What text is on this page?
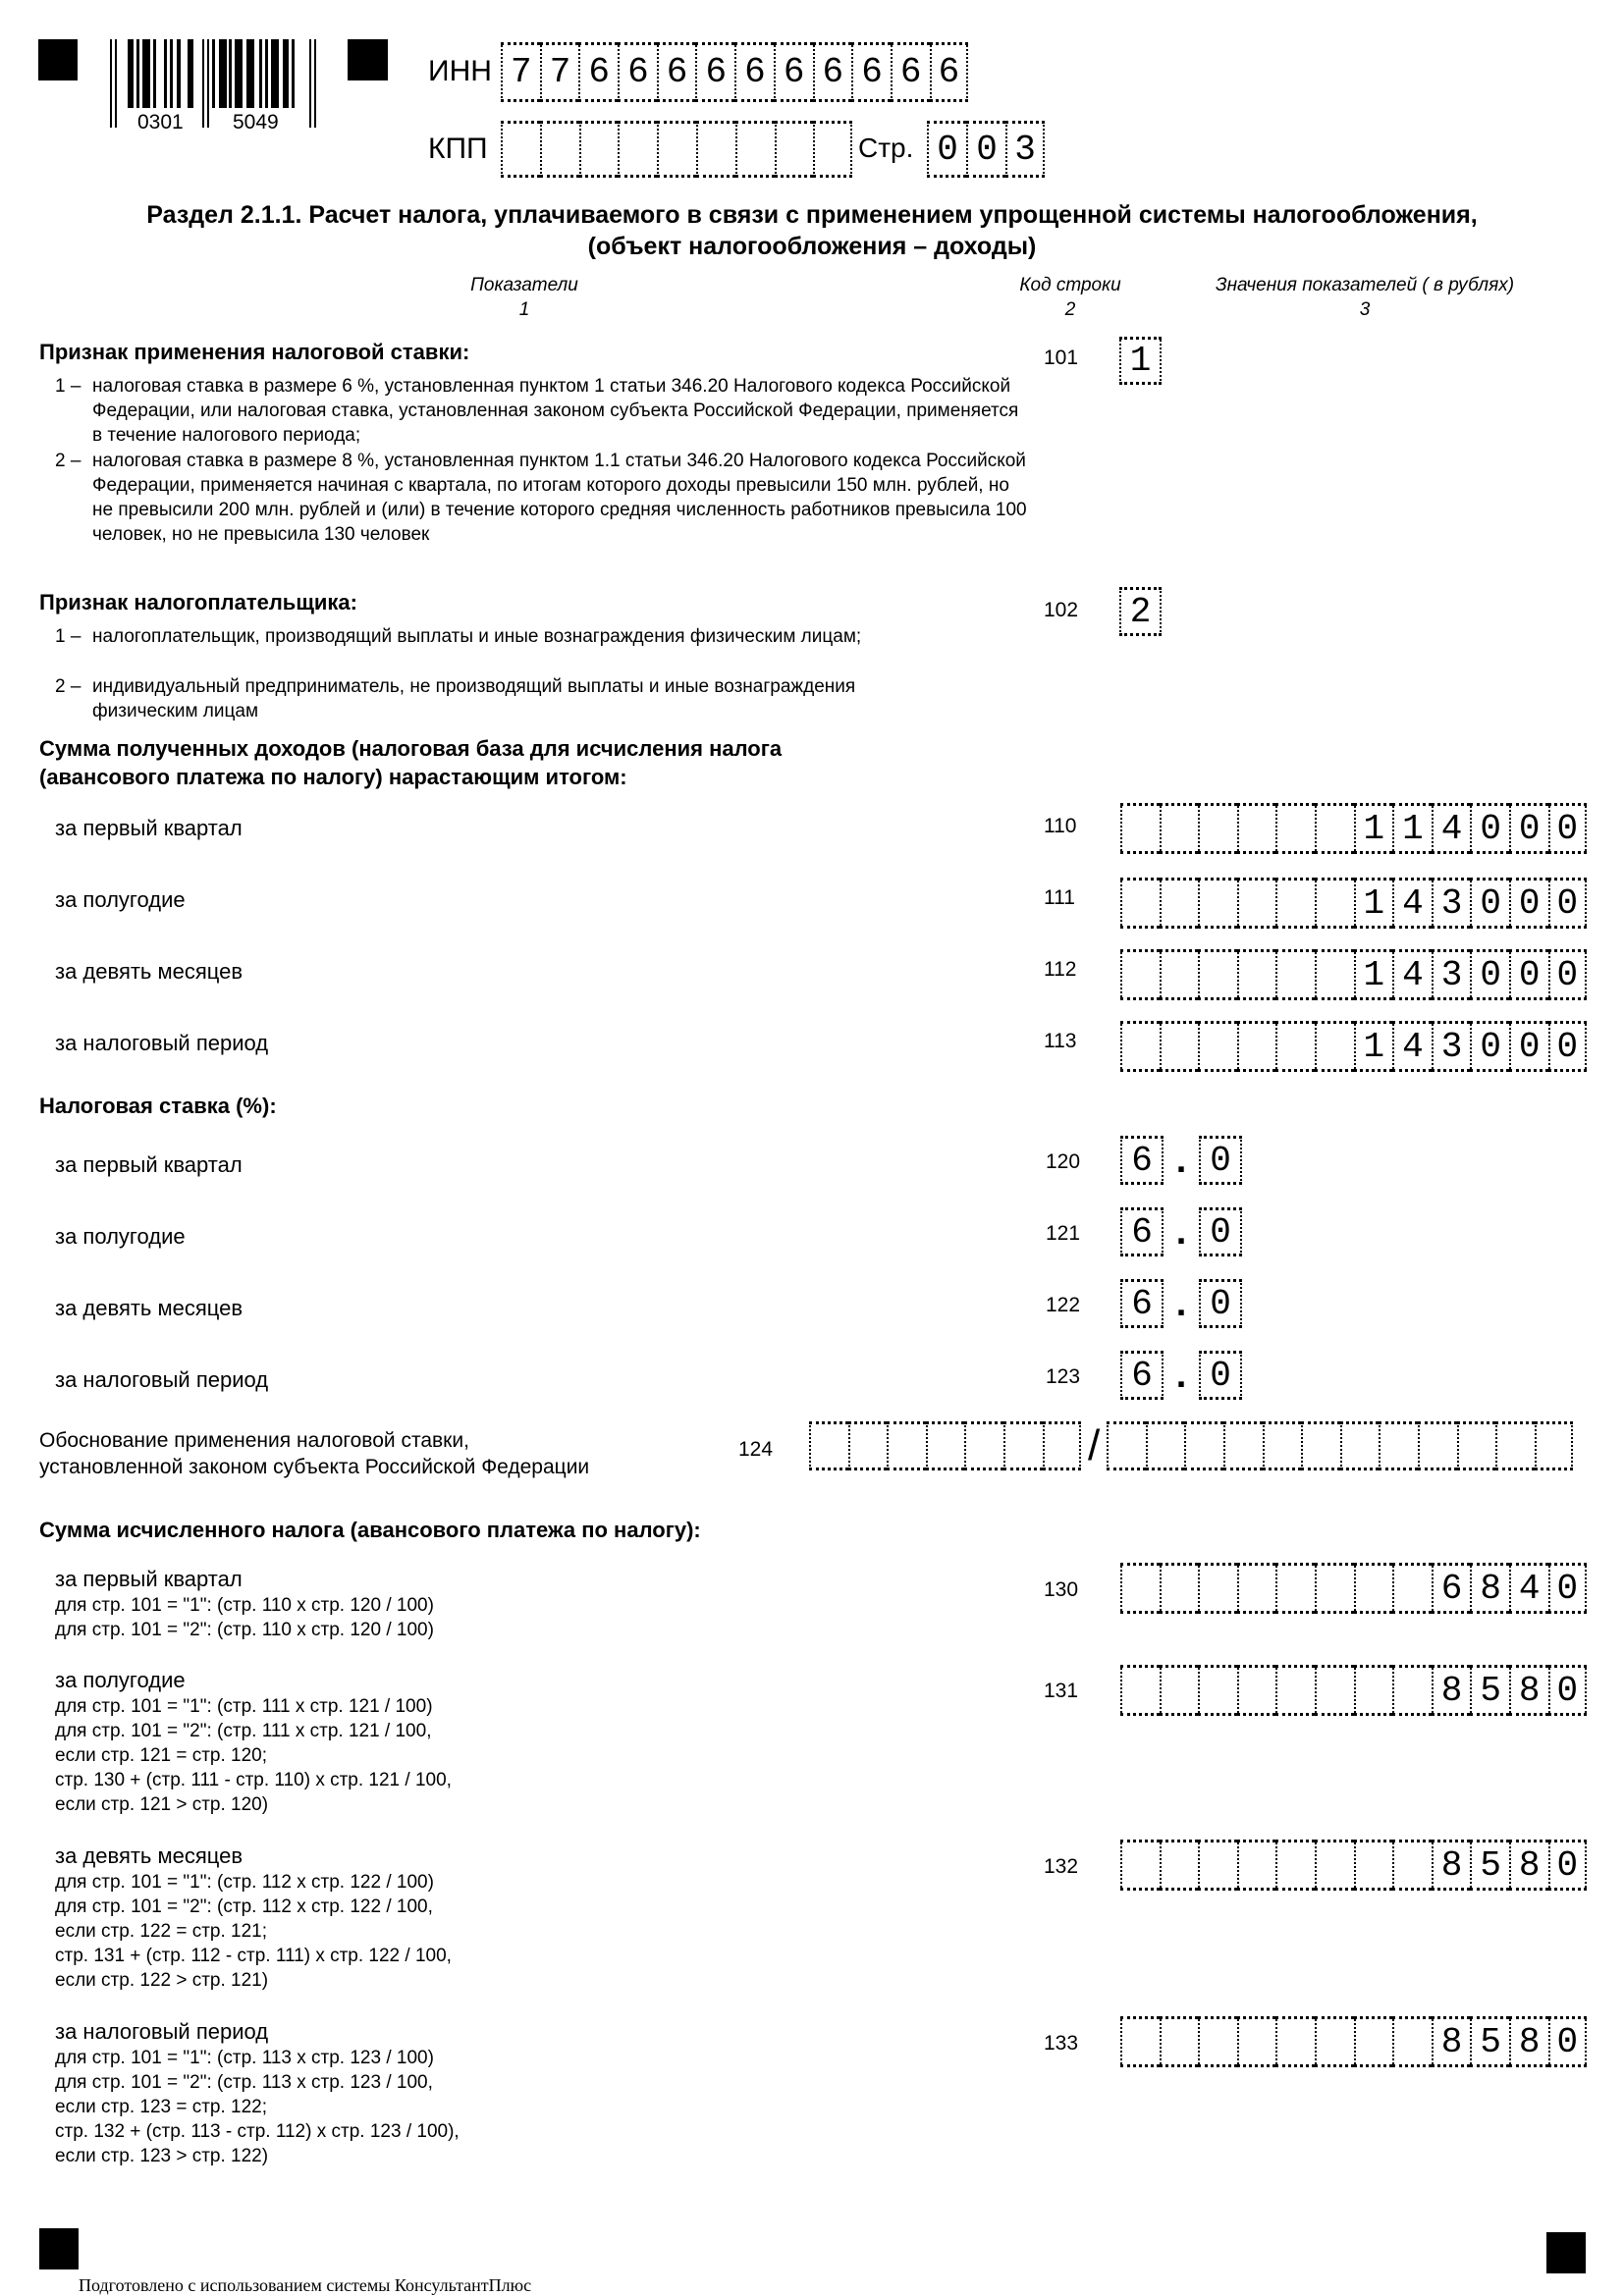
0301 5049
ИНН 7 7 6 6 6 6 6 6 6 6 6 6
КПП	Стр. 0 0 3
Раздел 2.1.1. Расчет налога, уплачиваемого в связи с применением упрощенной системы налогообложения,
(объект налогообложения – доходы)
Показатели
1
Код строки
2
Значения показателей ( в рублях)
3
Признак применения налоговой ставки:
1 – налоговая ставка в размере 6 %, установленная пунктом 1 статьи 346.20 Налогового кодекса Российской Федерации, или налоговая ставка, установленная законом субъекта Российской Федерации, применяется в течение налогового периода;
2 – налоговая ставка в размере 8 %, установленная пунктом 1.1 статьи 346.20 Налогового кодекса Российской Федерации, применяется начиная с квартала, по итогам которого доходы превысили 150 млн. рублей, но не превысили 200 млн. рублей и (или) в течение которого средняя численность работников превысила 100 человек, но не превысила 130 человек
101 1
Признак налогоплательщика:
1 – налогоплательщик, производящий выплаты и иные вознаграждения физическим лицам;
2 – индивидуальный предприниматель, не производящий выплаты и иные вознаграждения физическим лицам
102 2
Сумма полученных доходов (налоговая база для исчисления налога
(авансового платежа по налогу) нарастающим итогом:
за первый квартал	110	1 1 4 0 0 0
за полугодие	111	1 4 3 0 0 0
за девять месяцев	112	1 4 3 0 0 0
за налоговый период	113	1 4 3 0 0 0
Налоговая ставка (%):
за первый квартал	120	6 . 0
за полугодие	121	6 . 0
за девять месяцев	122	6 . 0
за налоговый период	123	6 . 0
Обоснование применения налоговой ставки,
установленной законом субъекта Российской Федерации
124	/
Сумма исчисленного налога (авансового платежа по налогу):
за первый квартал
для стр. 101 = "1": (стр. 110 х стр. 120 / 100)
для стр. 101 = "2": (стр. 110 х стр. 120 / 100)
130	6 8 4 0
за полугодие
для стр. 101 = "1": (стр. 111 х стр. 121 / 100)
для стр. 101 = "2": (стр. 111 х стр. 121 / 100,
если стр. 121 = стр. 120;
стр. 130 + (стр. 111 - стр. 110) х стр. 121 / 100,
если стр. 121 > стр. 120)
131	8 5 8 0
за девять месяцев
для стр. 101 = "1": (стр. 112 х стр. 122 / 100)
для стр. 101 = "2": (стр. 112 х стр. 122 / 100,
если стр. 122 = стр. 121;
стр. 131 + (стр. 112 - стр. 111) х стр. 122 / 100,
если стр. 122 > стр. 121)
132	8 5 8 0
за налоговый период
для стр. 101 = "1": (стр. 113 х стр. 123 / 100)
для стр. 101 = "2": (стр. 113 х стр. 123 / 100,
если стр. 123 = стр. 122;
стр. 132 + (стр. 113 - стр. 112) х стр. 123 / 100),
если стр. 123 > стр. 122)
133	8 5 8 0
Подготовлено с использованием системы КонсультантПлюс
